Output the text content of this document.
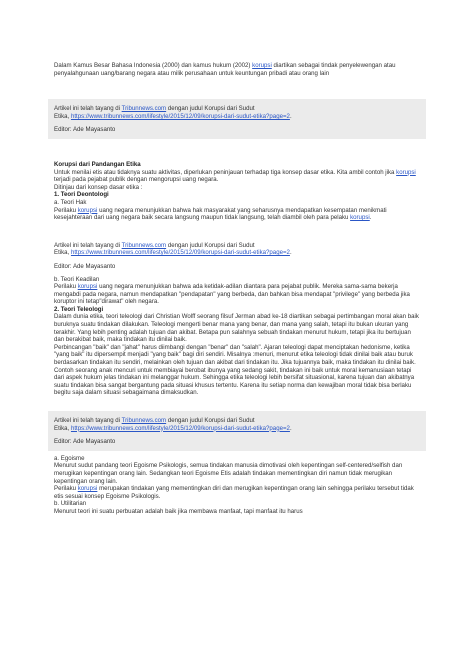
Dalam Kamus Besar Bahasa Indonesia (2000) dan kamus hukum (2002) korupsi diartikan sebagai tindak penyelewengan atau penyalahgunaan uang/barang negara atau milik perusahaan untuk keuntungan pribadi atau orang lain

Artikel ini telah tayang di Tribunnews.com dengan judul Korupsi dari Sudut
Etika, https://www.tribunnews.com/lifestyle/2015/12/09/korupsi-dari-sudut-etika?page=2.

Editor: Ade Mayasanto

Korupsi dari Pandangan Etika

Untuk menilai etis atau tidaknya suatu aktivitas, diperlukan peninjauan terhadap tiga konsep dasar etika. Kita ambil contoh jika korupsi terjadi pada pejabat publik dengan mengorupsi uang negara.
Ditinjau dari konsep dasar etika :

1. Teori Deontologi

a. Teori Hak

Perilaku korupsi uang negara menunjukkan bahwa hak masyarakat yang seharusnya mendapatkan kesempatan menikmati kesejahteraan dari uang negara baik secara langsung maupun tidak langsung, telah diambil oleh para pelaku korupsi.

Artikel ini telah tayang di Tribunnews.com dengan judul Korupsi dari Sudut
Etika, https://www.tribunnews.com/lifestyle/2015/12/09/korupsi-dari-sudut-etika?page=2.

Editor: Ade Mayasanto

b. Teori Keadilan

Perilaku korupsi uang negara menunjukkan bahwa ada ketidak-adilan diantara para pejabat publik. Mereka sama-sama bekerja mengabdi pada negara, namun mendapatkan "pendapatan" yang berbeda, dan bahkan bisa mendapat "privilege" yang berbeda jika koruptor ini tetap"dirawat" oleh negara.

2. Teori Teleologi

Dalam dunia etika, teori teleologi dari Christian Wolff seorang filsuf Jerman abad ke-18 diartikan sebagai pertimbangan moral akan baik buruknya suatu tindakan dilakukan. Teleologi mengerti benar mana yang benar, dan mana yang salah, tetapi itu bukan ukuran yang terakhir. Yang lebih penting adalah tujuan dan akibat. Betapa pun salahnya sebuah tindakan menurut hukum, tetapi jika itu bertujuan dan berakibat baik, maka tindakan itu dinilai baik.

Perbincangan "baik" dan "jahat" harus diimbangi dengan "benar" dan "salah". Ajaran teleologi dapat menciptakan hedonisme, ketika "yang baik" itu dipersempit menjadi "yang baik" bagi diri sendiri. Misalnya :menuri, menurut etika teleologi tidak dinilai baik atau buruk berdasarkan tindakan itu sendiri, melainkan oleh tujuan dan akibat dari tindakan itu. Jika tujuannya baik, maka tindakan itu dinilai baik. Contoh seorang anak mencuri untuk membiayai berobat ibunya yang sedang sakit, tindakan ini baik untuk moral kemanusiaan tetapi dari aspek hukum jelas tindakan ini melanggar hukum. Sehingga etika teleologi lebih bersifat situasional, karena tujuan dan akibatnya suatu tindakan bisa sangat bergantung pada situasi khusus tertentu. Karena itu setiap norma dan kewajiban moral tidak bisa berlaku begitu saja dalam situasi sebagaimana dimaksudkan.

Artikel ini telah tayang di Tribunnews.com dengan judul Korupsi dari Sudut
Etika, https://www.tribunnews.com/lifestyle/2015/12/09/korupsi-dari-sudut-etika?page=2.

Editor: Ade Mayasanto

a. Egoisme

Menurut sudut pandang teori Egoisme Psikologis, semua tindakan manusia dimotivasi oleh kepentingan self-centered/selfish dan merugikan kepentingan orang lain. Sedangkan teori Egoisme Etis adalah tindakan mementingkan diri namun tidak merugikan kepentingan orang lain.

Perilaku korupsi merupakan tindakan yang mementingkan diri dan merugikan kepentingan orang lain sehingga perilaku tersebut tidak etis sesuai konsep Egoisme Psikologis.

b. Utilitarian

Menurut teori ini suatu perbuatan adalah baik jika membawa manfaat, tapi manfaat itu harus
